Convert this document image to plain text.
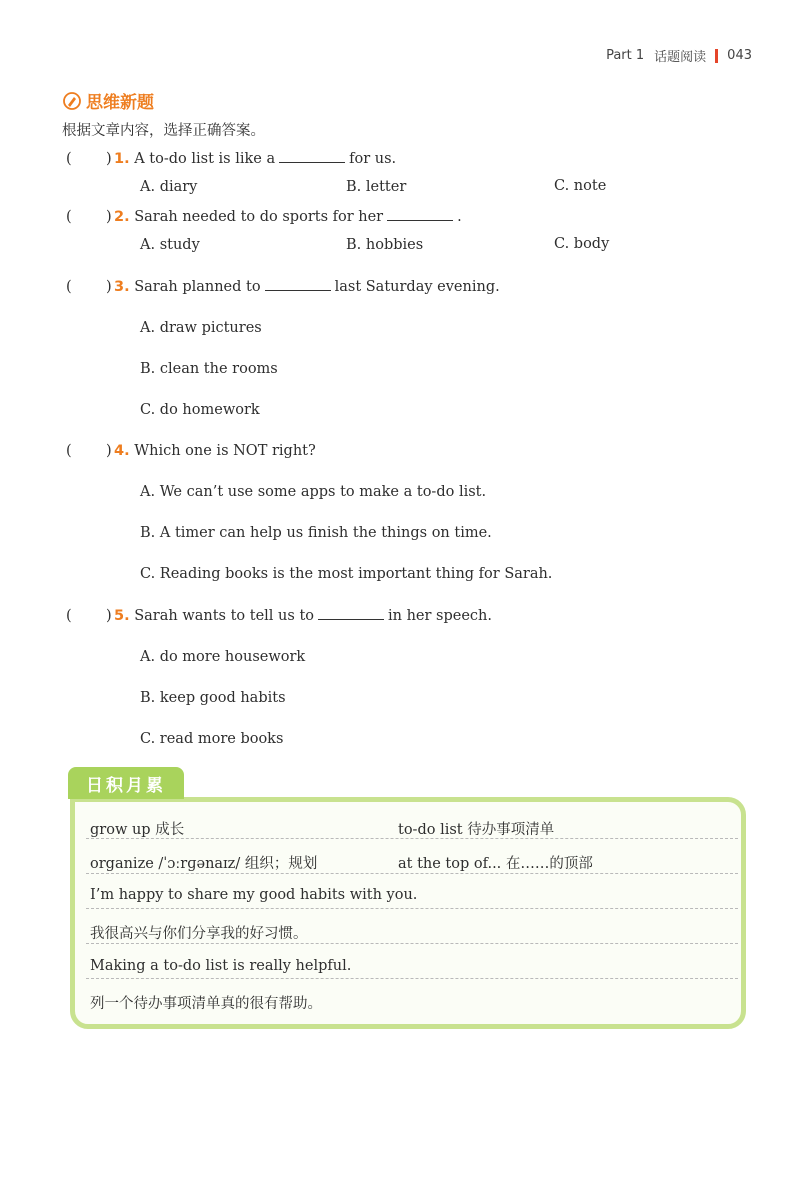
Part 1 话题阅读 043
思维新题
根据文章内容，选择正确答案。
( ) 1. A to-do list is like a	for us.
A. diary	B. letter	C. note
( ) 2. Sarah needed to do sports for her	.
A. study	B. hobbies	C. body
( ) 3. Sarah planned to	last Saturday evening.
A. draw pictures
B. clean the rooms
C. do homework
( ) 4. Which one is NOT right?
A. We can’t use some apps to make a to-do list.
B. A timer can help us finish the things on time.
C. Reading books is the most important thing for Sarah.
( ) 5. Sarah wants to tell us to	in her speech.
A. do more housework
B. keep good habits
C. read more books
日积月累
grow up 成长	to-do list 待办事项清单
organize /ˈɔːrɡənaɪz/ 组织；规划	at the top of... 在……的顶部
I’m happy to share my good habits with you.
我很高兴与你们分享我的好习惯。
Making a to-do list is really helpful.
列一个待办事项清单真的很有帮助。
